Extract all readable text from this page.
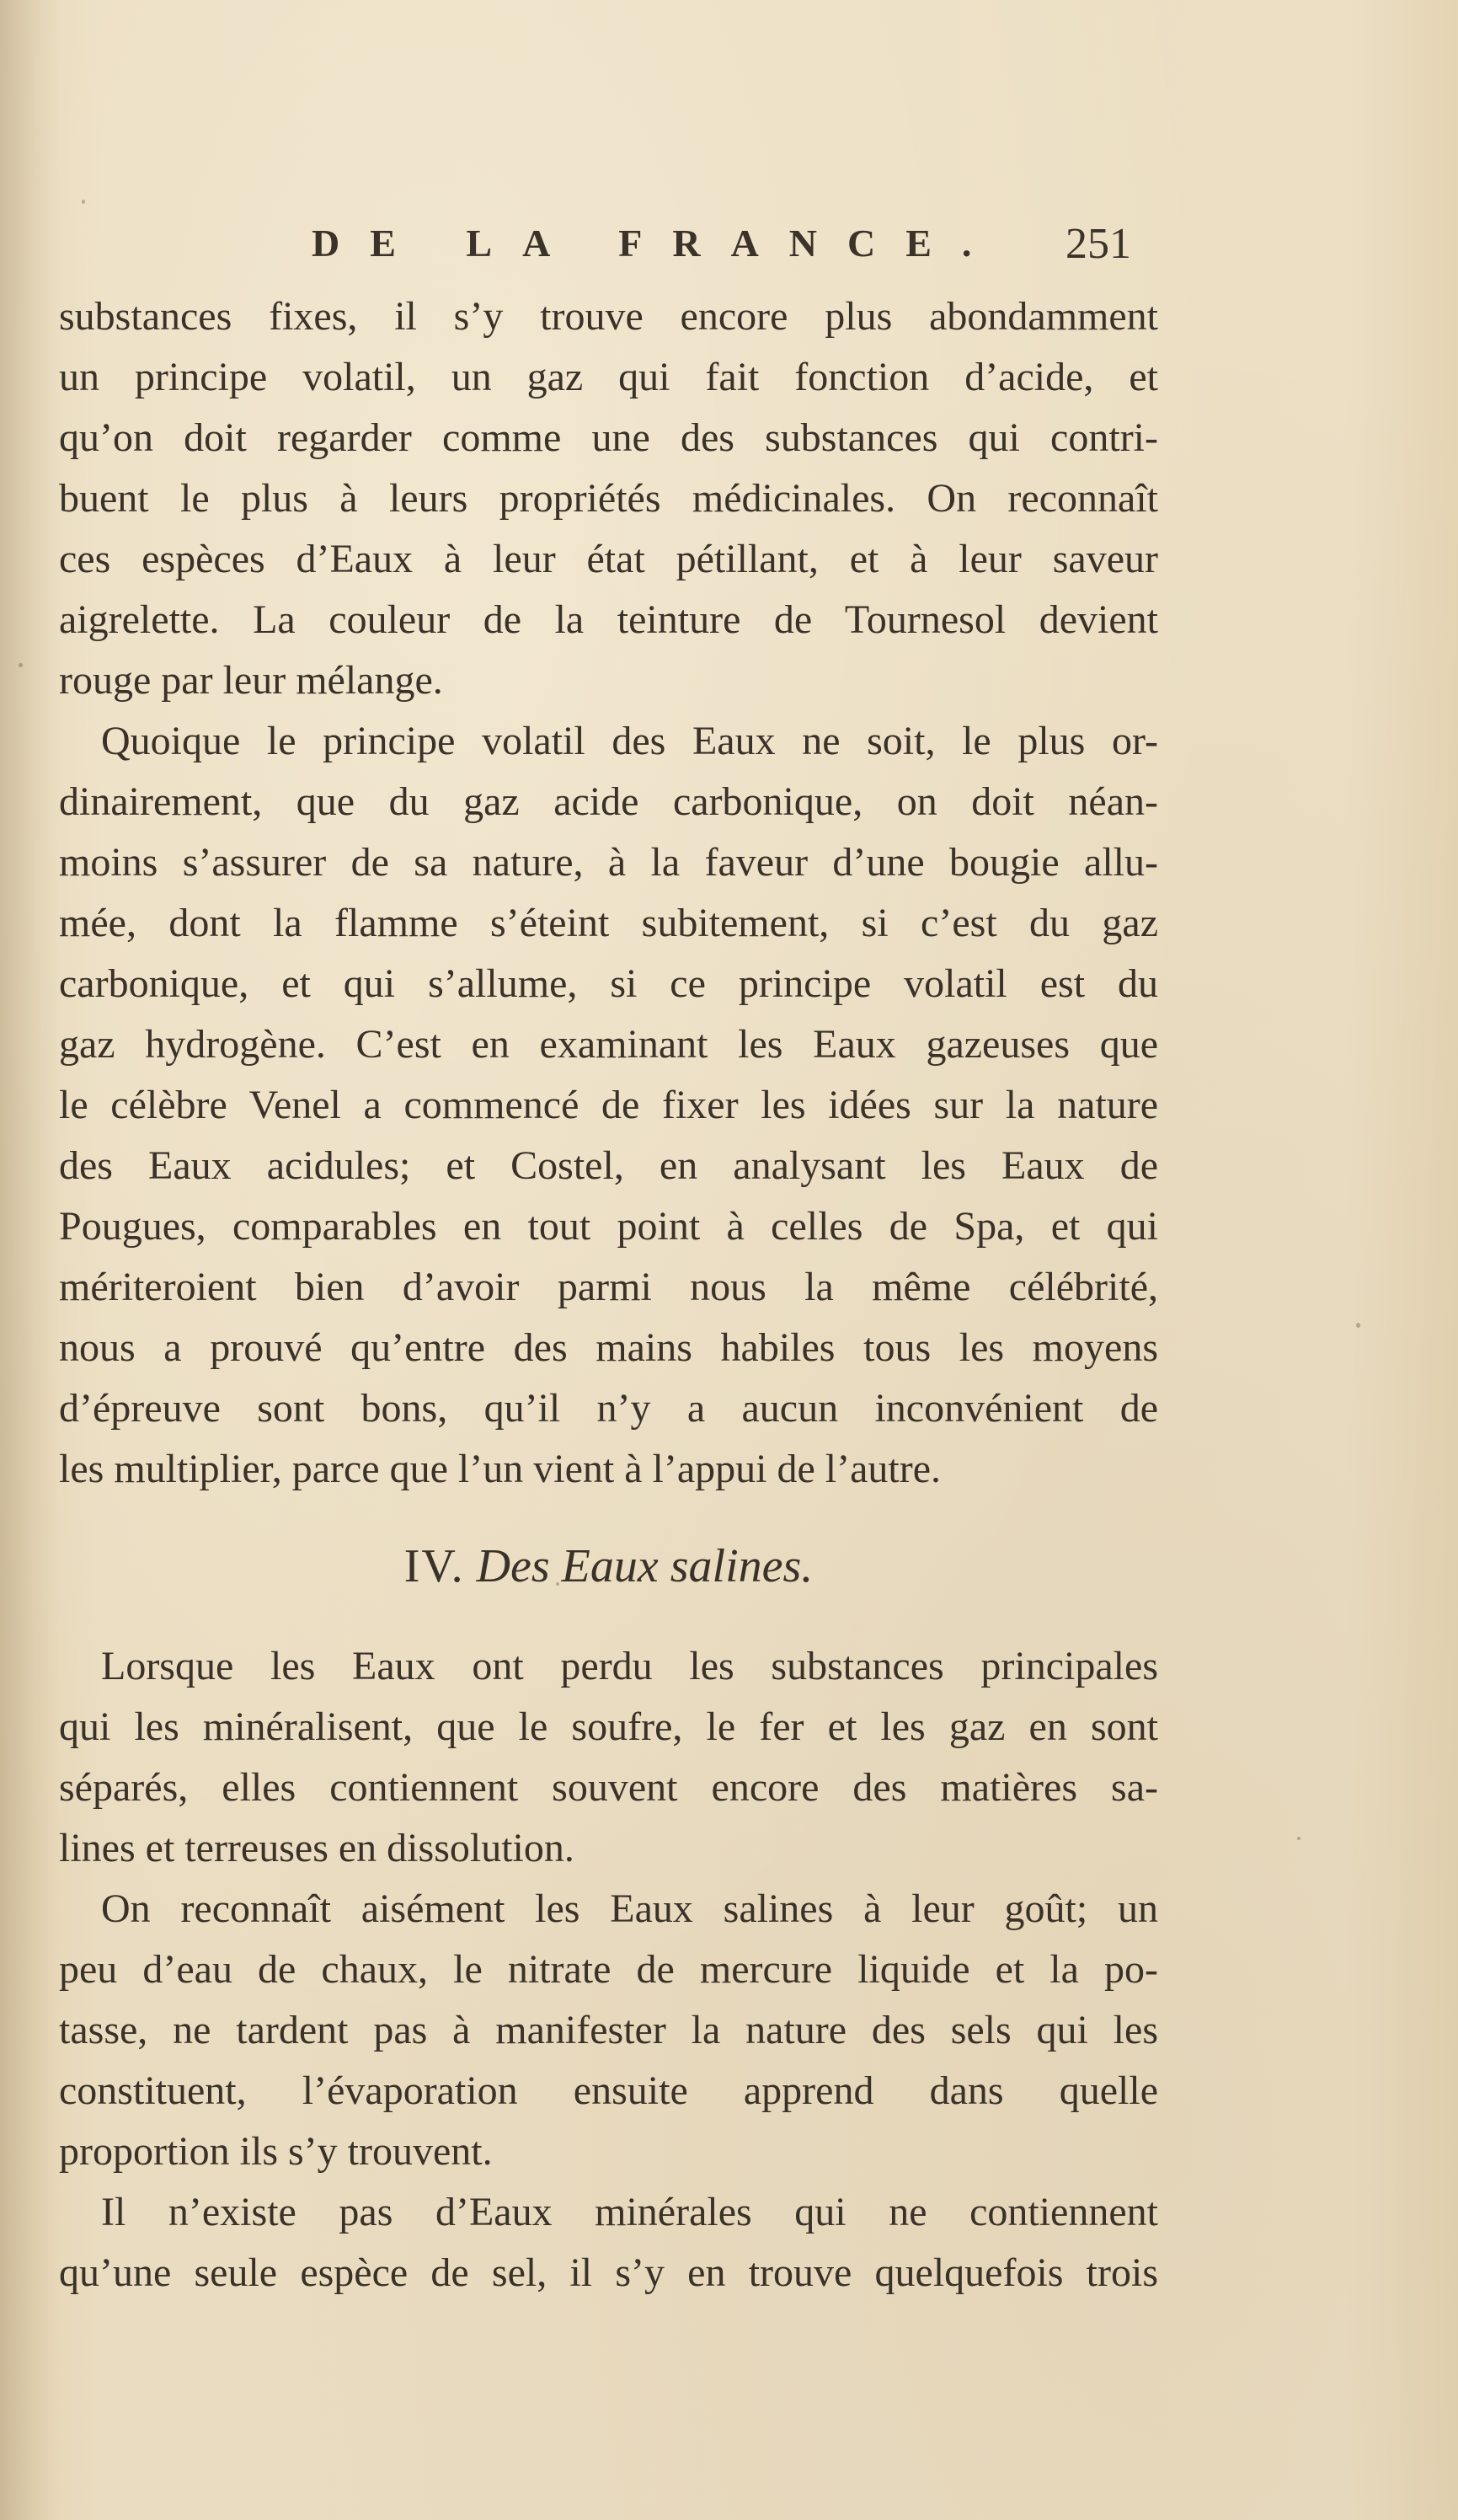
DE LA FRANCE. 251
substances fixes, il s’y trouve encore plus abondamment
un principe volatil, un gaz qui fait fonction d’acide, et
qu’on doit regarder comme une des substances qui contri-
buent le plus à leurs propriétés médicinales. On reconnaît
ces espèces d’Eaux à leur état pétillant, et à leur saveur
aigrelette. La couleur de la teinture de Tournesol devient
rouge par leur mélange.
Quoique le principe volatil des Eaux ne soit, le plus or-
dinairement, que du gaz acide carbonique, on doit néan-
moins s’assurer de sa nature, à la faveur d’une bougie allu-
mée, dont la flamme s’éteint subitement, si c’est du gaz
carbonique, et qui s’allume, si ce principe volatil est du
gaz hydrogène. C’est en examinant les Eaux gazeuses que
le célèbre Venel a commencé de fixer les idées sur la nature
des Eaux acidules; et Costel, en analysant les Eaux de
Pougues, comparables en tout point à celles de Spa, et qui
mériteroient bien d’avoir parmi nous la même célébrité,
nous a prouvé qu’entre des mains habiles tous les moyens
d’épreuve sont bons, qu’il n’y a aucun inconvénient de
les multiplier, parce que l’un vient à l’appui de l’autre.
IV. Des Eaux salines.
Lorsque les Eaux ont perdu les substances principales
qui les minéralisent, que le soufre, le fer et les gaz en sont
séparés, elles contiennent souvent encore des matières sa-
lines et terreuses en dissolution.
On reconnaît aisément les Eaux salines à leur goût; un
peu d’eau de chaux, le nitrate de mercure liquide et la po-
tasse, ne tardent pas à manifester la nature des sels qui les
constituent, l’évaporation ensuite apprend dans quelle
proportion ils s’y trouvent.
Il n’existe pas d’Eaux minérales qui ne contiennent
qu’une seule espèce de sel, il s’y en trouve quelquefois trois
